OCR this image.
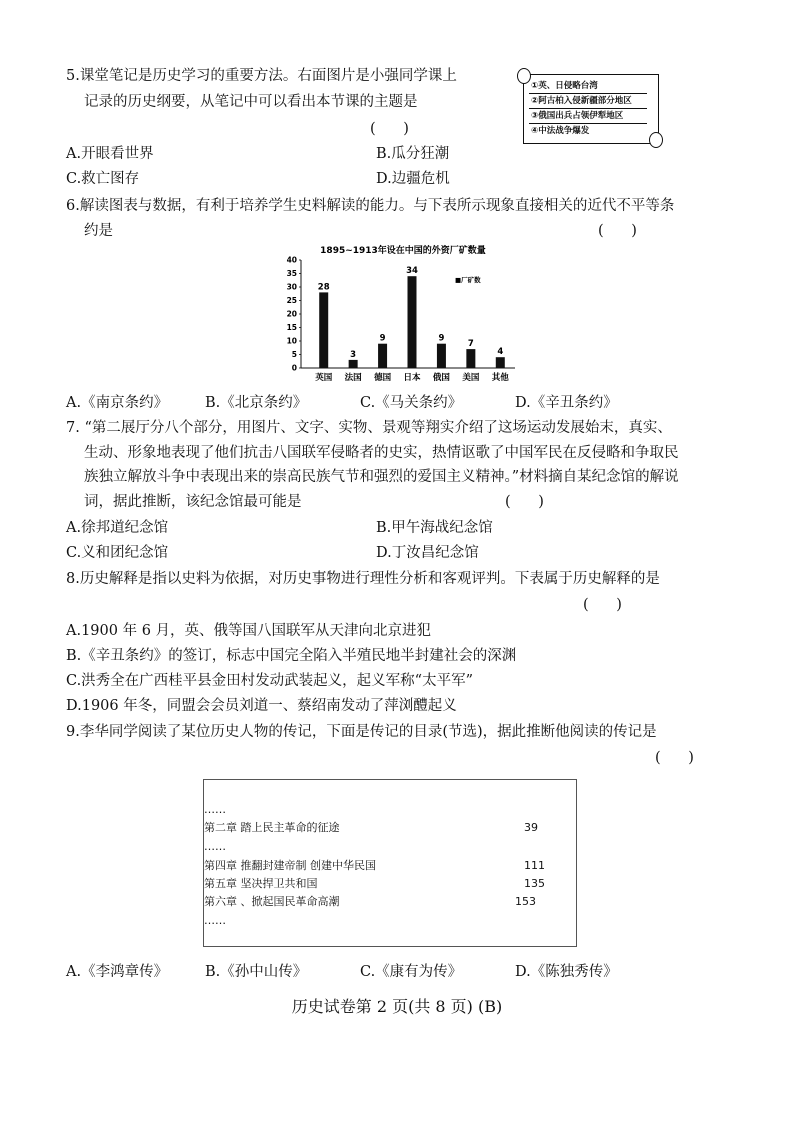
5.课堂笔记是历史学习的重要方法。右面图片是小强同学课上
记录的历史纲要，从笔记中可以看出本节课的主题是
(      )
A.开眼看世界	B.瓜分狂潮
C.救亡图存	D.边疆危机
①英、日侵略台湾
②阿古柏入侵新疆部分地区
③俄国出兵占领伊犁地区
④中法战争爆发
6.解读图表与数据，有利于培养学生史料解读的能力。与下表所示现象直接相关的近代不平等条
约是	(      )
1895~1913年设在中国的外资厂矿数量
■厂矿数
0
5
10
15
20
25
30
35
40
28
英国
3
法国
9
德国
34
日本
9
俄国
7
美国
4
其他
A.《南京条约》	B.《北京条约》	C.《马关条约》	D.《辛丑条约》
7. “第二展厅分八个部分，用图片、文字、实物、景观等翔实介绍了这场运动发展始末，真实、
生动、形象地表现了他们抗击八国联军侵略者的史实，热情讴歌了中国军民在反侵略和争取民
族独立解放斗争中表现出来的崇高民族气节和强烈的爱国主义精神。”材料摘自某纪念馆的解说
词，据此推断，该纪念馆最可能是	(      )
A.徐邦道纪念馆	B.甲午海战纪念馆
C.义和团纪念馆	D.丁汝昌纪念馆
8.历史解释是指以史料为依据，对历史事物进行理性分析和客观评判。下表属于历史解释的是
(      )
A.1900 年 6 月，英、俄等国八国联军从天津向北京进犯
B.《辛丑条约》的签订，标志中国完全陷入半殖民地半封建社会的深渊
C.洪秀全在广西桂平县金田村发动武装起义，起义军称“太平军”
D.1906 年冬，同盟会会员刘道一、蔡绍南发动了萍浏醴起义
9.李华同学阅读了某位历史人物的传记，下面是传记的目录(节选)，据此推断他阅读的传记是
(      )
……
第二章 踏上民主革命的征途	39
……
第四章 推翻封建帝制 创建中华民国	111
第五章 坚决捍卫共和国	135
第六章 、掀起国民革命高潮	153
……
A.《李鸿章传》	B.《孙中山传》	C.《康有为传》	D.《陈独秀传》
历史试卷第 2 页(共 8 页) (B)
